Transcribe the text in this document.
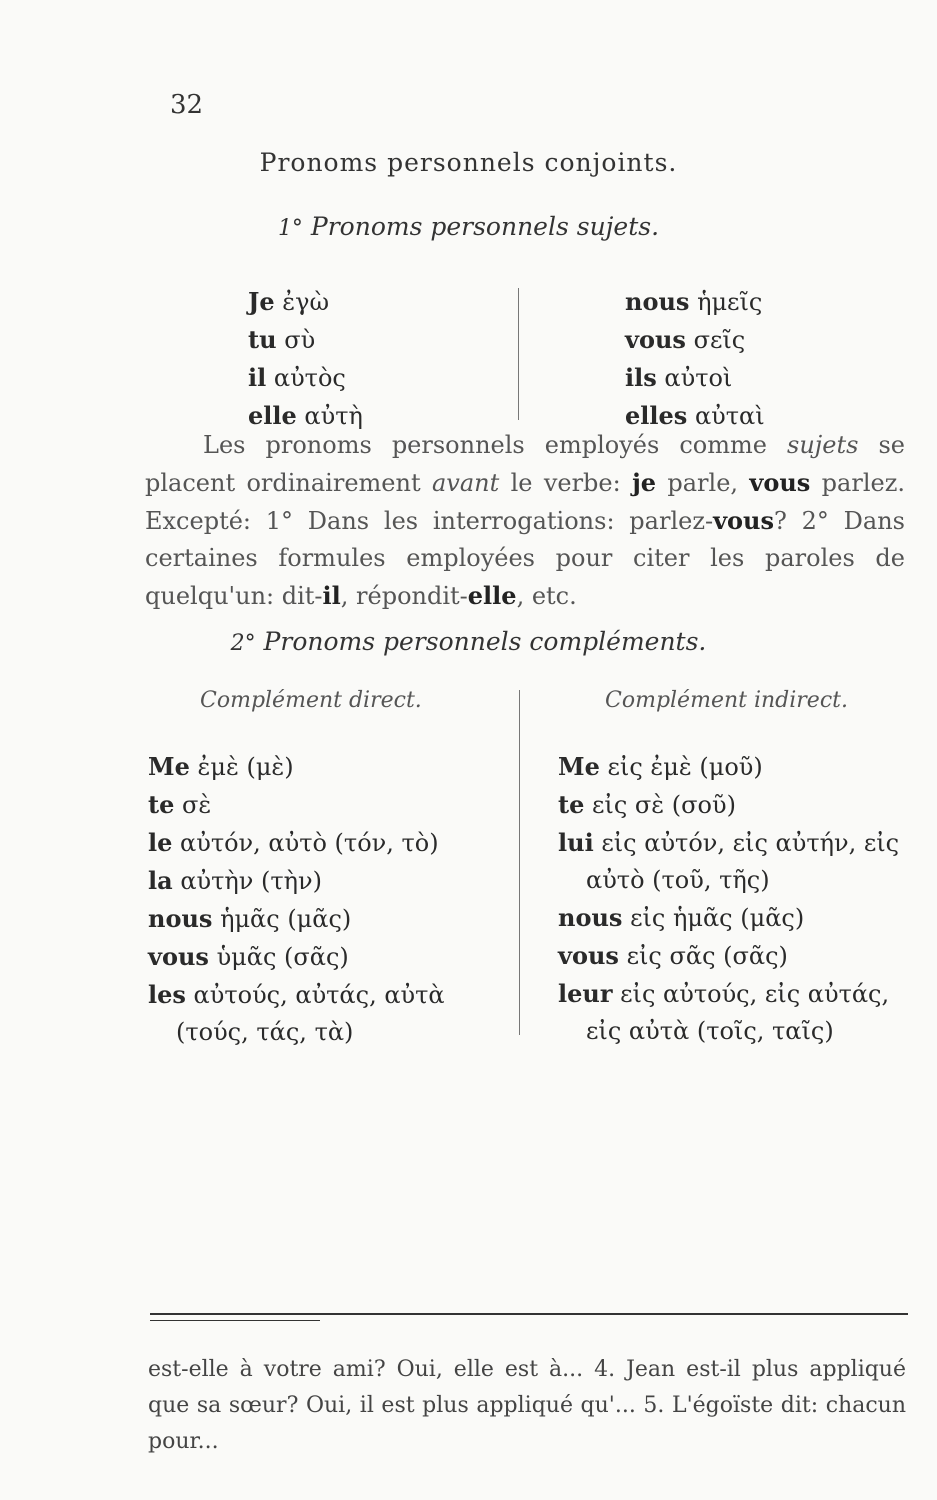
32
Pronoms personnels conjoints.
1° Pronoms personnels sujets.
Je ἐγὼ
tu σὺ
il αὐτὸς
elle αὐτὴ
nous ἡμεῖς
vous σεῖς
ils αὐτοὶ
elles αὐταὶ
Les pronoms personnels employés comme sujets se placent ordinairement avant le verbe: je parle, vous parlez. Excepté: 1° Dans les interrogations: parlez-vous? 2° Dans certaines formules employées pour citer les paroles de quelqu'un: dit-il, répondit-elle, etc.
2° Pronoms personnels compléments.
Complément direct.	Complément indirect.
Me ἐμὲ (μὲ)
te σὲ
le αὐτόν, αὐτὸ (τόν, τὸ)
la αὐτὴν (τὴν)
nous ἡμᾶς (μᾶς)
vous ὑμᾶς (σᾶς)
les αὐτούς, αὐτάς, αὐτὰ
(τούς, τάς, τὰ)
Me εἰς ἐμὲ (μοῦ)
te εἰς σὲ (σοῦ)
lui εἰς αὐτόν, εἰς αὐτήν, εἰς
αὐτὸ (τοῦ, τῆς)
nous εἰς ἡμᾶς (μᾶς)
vous εἰς σᾶς (σᾶς)
leur εἰς αὐτούς, εἰς αὐτάς,
εἰς αὐτὰ (τοῖς, ταῖς)
est-elle à votre ami? Oui, elle est à... 4. Jean est-il plus appliqué que sa sœur? Oui, il est plus appliqué qu'... 5. L'égoïste dit: chacun pour...
